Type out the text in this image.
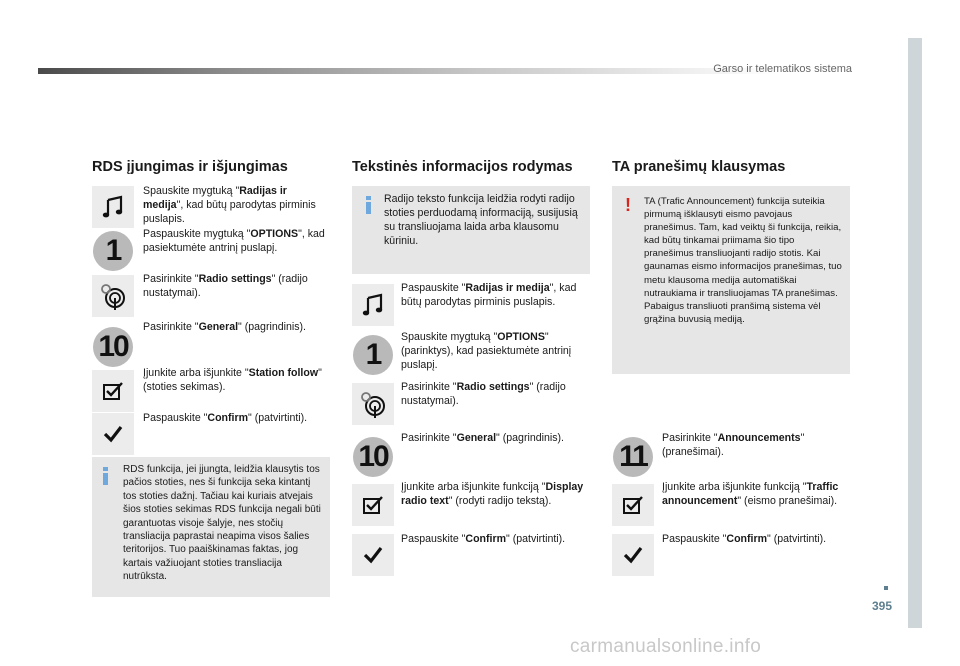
Garso ir telematikos sistema
395
RDS įjungimas ir išjungimas
Spauskite mygtuką "Radijas ir medija", kad būtų parodytas pirminis puslapis.
1	Paspauskite mygtuką "OPTIONS", kad pasiektumėte antrinį puslapį.
Pasirinkite "Radio settings" (radijo nustatymai).
10
Pasirinkite "General" (pagrindinis).
Įjunkite arba išjunkite "Station follow" (stoties sekimas).
Paspauskite "Confirm" (patvirtinti).
RDS funkcija, jei įjungta, leidžia klausytis tos pačios stoties, nes ši funkcija seka kintantį tos stoties dažnį. Tačiau kai kuriais atvejais šios stoties sekimas RDS funkcija negali būti garantuotas visoje šalyje, nes stočių transliacija paprastai neapima visos šalies teritorijos. Tuo paaiškinamas faktas, jog kartais važiuojant stoties transliacija nutrūksta.
Tekstinės informacijos rodymas
Radijo teksto funkcija leidžia rodyti radijo stoties perduodamą informaciją, susijusią su transliuojama laida arba klausomu kūriniu.
Paspauskite "Radijas ir medija", kad būtų parodytas pirminis puslapis.
1
Spauskite mygtuką "OPTIONS" (parinktys), kad pasiektumėte antrinį puslapį.
Pasirinkite "Radio settings" (radijo nustatymai).
10
Pasirinkite "General" (pagrindinis).
Įjunkite arba išjunkite funkciją "Display radio text" (rodyti radijo tekstą).
Paspauskite "Confirm" (patvirtinti).
TA pranešimų klausymas
! TA (Trafic Announcement) funkcija suteikia pirmumą išklausyti eismo pavojaus pranešimus. Tam, kad veiktų ši funkcija, reikia, kad būtų tinkamai priimama šio tipo pranešimus transliuojanti radijo stotis. Kai gaunamas eismo informacijos pranešimas, tuo metu klausoma medija automatiškai nutraukiama ir transliuojamas TA pranešimas. Pabaigus transliuoti pranšimą sistema vėl grąžina buvusią mediją.
11
Pasirinkite "Announcements" (pranešimai).
Įjunkite arba išjunkite funkciją "Traffic announcement" (eismo pranešimai).
Paspauskite "Confirm" (patvirtinti).
carmanualsonline.info
